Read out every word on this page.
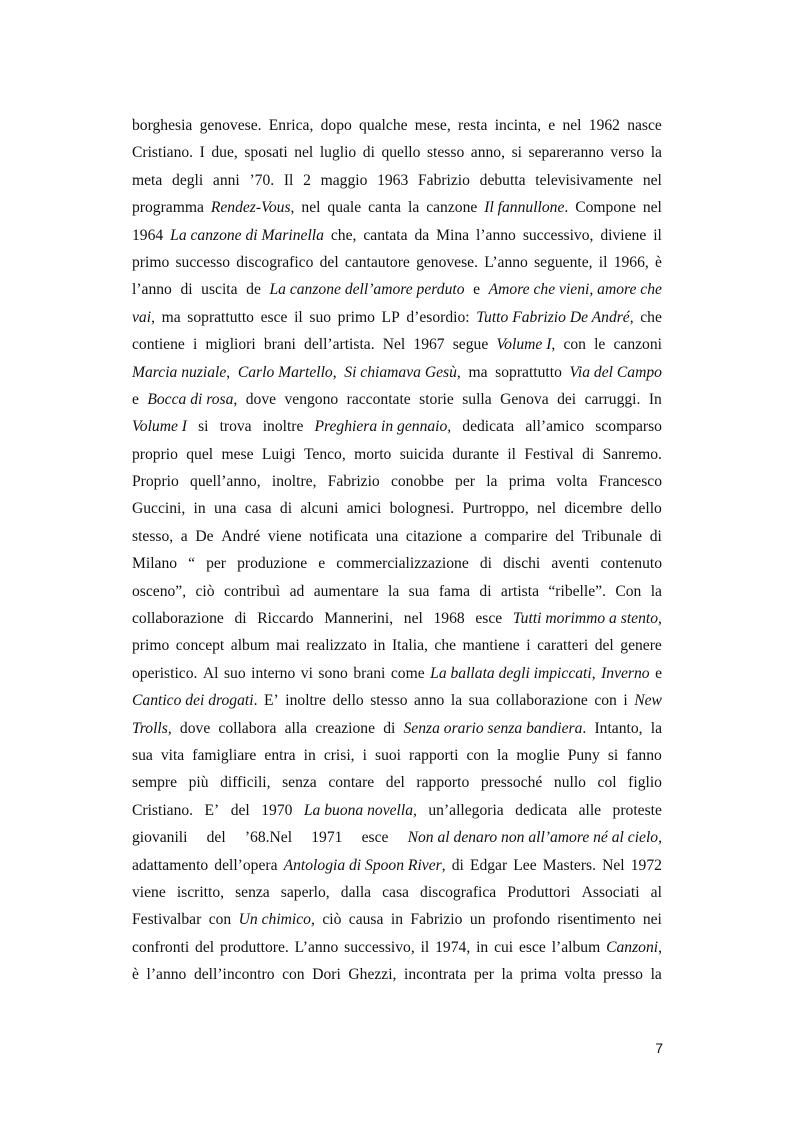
borghesia genovese. Enrica, dopo qualche mese, resta incinta, e nel 1962 nasce
Cristiano. I due, sposati nel luglio di quello stesso anno, si separeranno verso la
meta degli anni ’70. Il 2 maggio 1963 Fabrizio debutta televisivamente nel
programma Rendez-Vous, nel quale canta la canzone Il fannullone. Compone nel
1964 La canzone di Marinella che, cantata da Mina l’anno successivo, diviene il
primo successo discografico del cantautore genovese. L’anno seguente, il 1966, è
l’anno di uscita de La canzone dell’amore perduto e Amore che vieni, amore che
vai, ma soprattutto esce il suo primo LP d’esordio: Tutto Fabrizio De André, che
contiene i migliori brani dell’artista. Nel 1967 segue Volume I, con le canzoni
Marcia nuziale, Carlo Martello, Si chiamava Gesù, ma soprattutto Via del Campo
e Bocca di rosa, dove vengono raccontate storie sulla Genova dei carruggi. In
Volume I si trova inoltre Preghiera in gennaio, dedicata all’amico scomparso
proprio quel mese Luigi Tenco, morto suicida durante il Festival di Sanremo.
Proprio quell’anno, inoltre, Fabrizio conobbe per la prima volta Francesco
Guccini, in una casa di alcuni amici bolognesi. Purtroppo, nel dicembre dello
stesso, a De André viene notificata una citazione a comparire del Tribunale di
Milano “ per produzione e commercializzazione di dischi aventi contenuto
osceno”, ciò contribuì ad aumentare la sua fama di artista “ribelle”. Con la
collaborazione di Riccardo Mannerini, nel 1968 esce Tutti morimmo a stento,
primo concept album mai realizzato in Italia, che mantiene i caratteri del genere
operistico. Al suo interno vi sono brani come La ballata degli impiccati, Inverno e
Cantico dei drogati. E’ inoltre dello stesso anno la sua collaborazione con i New
Trolls, dove collabora alla creazione di Senza orario senza bandiera. Intanto, la
sua vita famigliare entra in crisi, i suoi rapporti con la moglie Puny si fanno
sempre più difficili, senza contare del rapporto pressoché nullo col figlio
Cristiano. E’ del 1970 La buona novella, un’allegoria dedicata alle proteste
giovanili del ’68.Nel 1971 esce Non al denaro non all’amore né al cielo,
adattamento dell’opera Antologia di Spoon River, di Edgar Lee Masters. Nel 1972
viene iscritto, senza saperlo, dalla casa discografica Produttori Associati al
Festivalbar con Un chimico, ciò causa in Fabrizio un profondo risentimento nei
confronti del produttore. L’anno successivo, il 1974, in cui esce l’album Canzoni,
è l’anno dell’incontro con Dori Ghezzi, incontrata per la prima volta presso la
7
